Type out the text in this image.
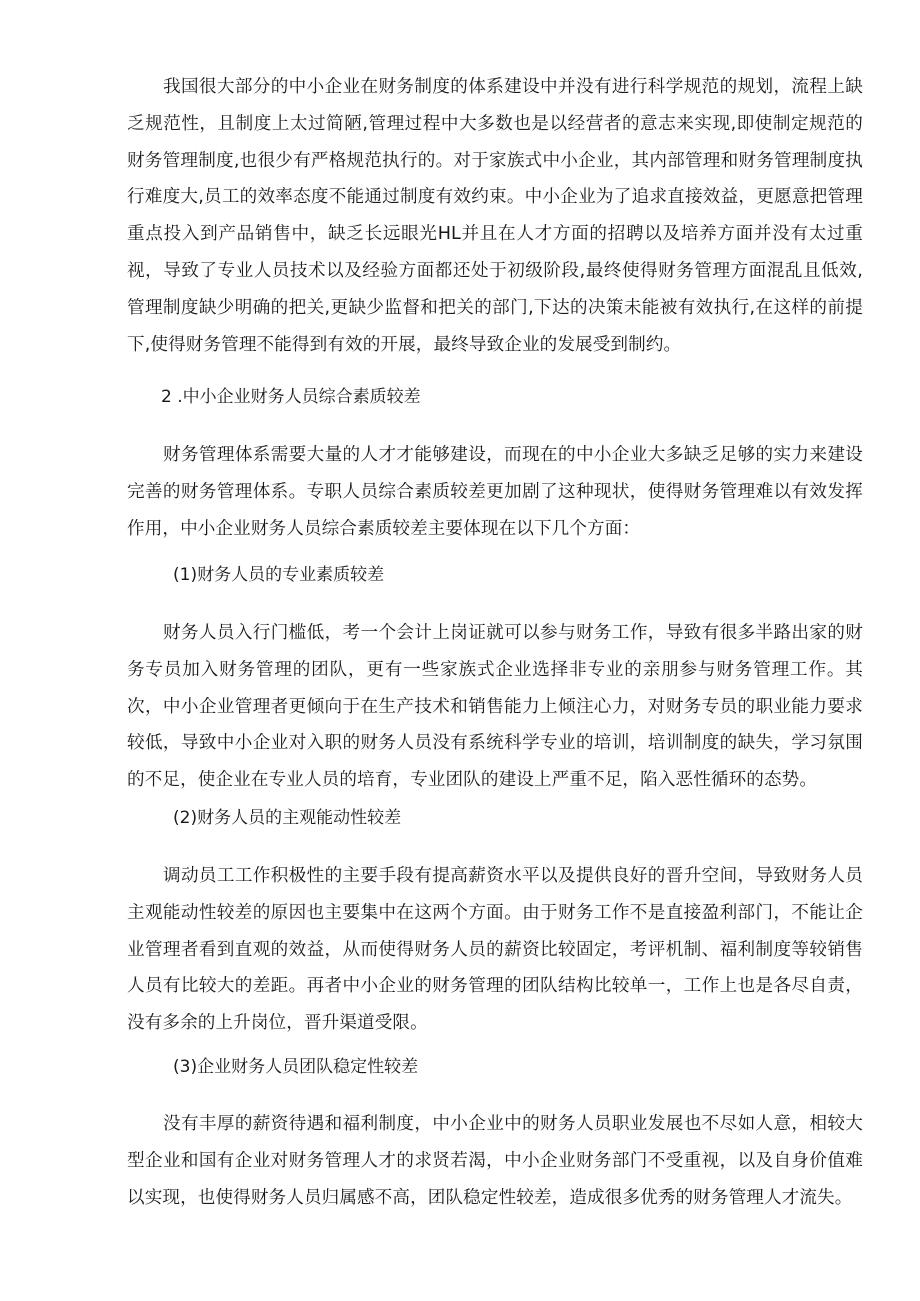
我国很大部分的中小企业在财务制度的体系建设中并没有进行科学规范的规划，流程上缺乏规范性，且制度上太过简陋,管理过程中大多数也是以经营者的意志来实现,即使制定规范的财务管理制度,也很少有严格规范执行的。对于家族式中小企业，其内部管理和财务管理制度执行难度大,员工的效率态度不能通过制度有效约束。中小企业为了追求直接效益，更愿意把管理重点投入到产品销售中，缺乏长远眼光HL并且在人才方面的招聘以及培养方面并没有太过重视，导致了专业人员技术以及经验方面都还处于初级阶段,最终使得财务管理方面混乱且低效,管理制度缺少明确的把关,更缺少监督和把关的部门,下达的决策未能被有效执行,在这样的前提下,使得财务管理不能得到有效的开展，最终导致企业的发展受到制约。

2 .中小企业财务人员综合素质较差

财务管理体系需要大量的人才才能够建设，而现在的中小企业大多缺乏足够的实力来建设完善的财务管理体系。专职人员综合素质较差更加剧了这种现状，使得财务管理难以有效发挥作用，中小企业财务人员综合素质较差主要体现在以下几个方面：

(1)财务人员的专业素质较差

财务人员入行门槛低，考一个会计上岗证就可以参与财务工作，导致有很多半路出家的财务专员加入财务管理的团队，更有一些家族式企业选择非专业的亲朋参与财务管理工作。其次，中小企业管理者更倾向于在生产技术和销售能力上倾注心力，对财务专员的职业能力要求较低，导致中小企业对入职的财务人员没有系统科学专业的培训，培训制度的缺失，学习氛围的不足，使企业在专业人员的培育，专业团队的建设上严重不足，陷入恶性循环的态势。

(2)财务人员的主观能动性较差

调动员工工作积极性的主要手段有提高薪资水平以及提供良好的晋升空间，导致财务人员主观能动性较差的原因也主要集中在这两个方面。由于财务工作不是直接盈利部门，不能让企业管理者看到直观的效益，从而使得财务人员的薪资比较固定，考评机制、福利制度等较销售人员有比较大的差距。再者中小企业的财务管理的团队结构比较单一，工作上也是各尽自责，没有多余的上升岗位，晋升渠道受限。

(3)企业财务人员团队稳定性较差

没有丰厚的薪资待遇和福利制度，中小企业中的财务人员职业发展也不尽如人意，相较大型企业和国有企业对财务管理人才的求贤若渴，中小企业财务部门不受重视，以及自身价值难以实现，也使得财务人员归属感不高，团队稳定性较差，造成很多优秀的财务管理人才流失。
